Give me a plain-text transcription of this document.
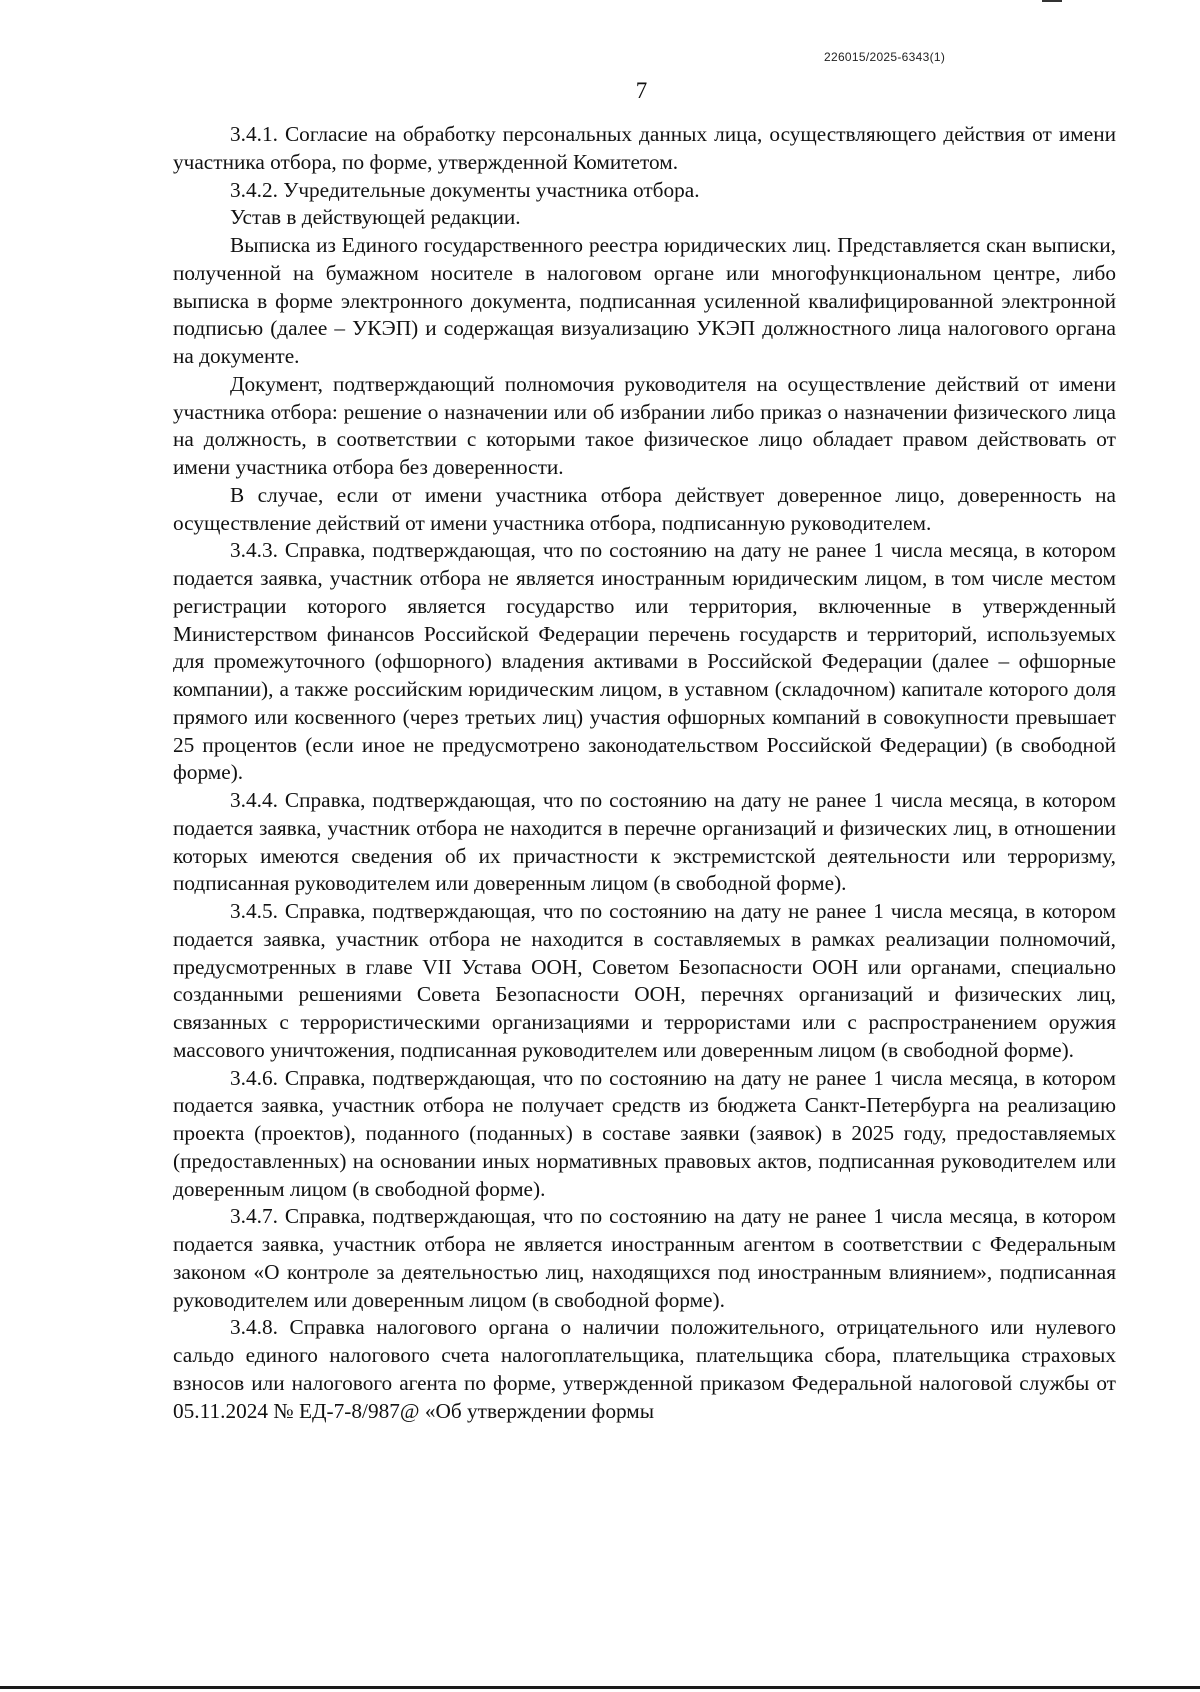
226015/2025-6343(1)
7

3.4.1. Согласие на обработку персональных данных лица, осуществляющего действия от имени участника отбора, по форме, утвержденной Комитетом.

3.4.2. Учредительные документы участника отбора.

Устав в действующей редакции.

Выписка из Единого государственного реестра юридических лиц. Представляется скан выписки, полученной на бумажном носителе в налоговом органе или многофункциональном центре, либо выписка в форме электронного документа, подписанная усиленной квалифицированной электронной подписью (далее – УКЭП) и содержащая визуализацию УКЭП должностного лица налогового органа на документе.

Документ, подтверждающий полномочия руководителя на осуществление действий от имени участника отбора: решение о назначении или об избрании либо приказ о назначении физического лица на должность, в соответствии с которыми такое физическое лицо обладает правом действовать от имени участника отбора без доверенности.

В случае, если от имени участника отбора действует доверенное лицо, доверенность на осуществление действий от имени участника отбора, подписанную руководителем.

3.4.3. Справка, подтверждающая, что по состоянию на дату не ранее 1 числа месяца, в котором подается заявка, участник отбора не является иностранным юридическим лицом, в том числе местом регистрации которого является государство или территория, включенные в утвержденный Министерством финансов Российской Федерации перечень государств и территорий, используемых для промежуточного (офшорного) владения активами в Российской Федерации (далее – офшорные компании), а также российским юридическим лицом, в уставном (складочном) капитале которого доля прямого или косвенного (через третьих лиц) участия офшорных компаний в совокупности превышает 25 процентов (если иное не предусмотрено законодательством Российской Федерации) (в свободной форме).

3.4.4. Справка, подтверждающая, что по состоянию на дату не ранее 1 числа месяца, в котором подается заявка, участник отбора не находится в перечне организаций и физических лиц, в отношении которых имеются сведения об их причастности к экстремистской деятельности или терроризму, подписанная руководителем или доверенным лицом (в свободной форме).

3.4.5. Справка, подтверждающая, что по состоянию на дату не ранее 1 числа месяца, в котором подается заявка, участник отбора не находится в составляемых в рамках реализации полномочий, предусмотренных в главе VII Устава ООН, Советом Безопасности ООН или органами, специально созданными решениями Совета Безопасности ООН, перечнях организаций и физических лиц, связанных с террористическими организациями и террористами или с распространением оружия массового уничтожения, подписанная руководителем или доверенным лицом (в свободной форме).

3.4.6. Справка, подтверждающая, что по состоянию на дату не ранее 1 числа месяца, в котором подается заявка, участник отбора не получает средств из бюджета Санкт-Петербурга на реализацию проекта (проектов), поданного (поданных) в составе заявки (заявок) в 2025 году, предоставляемых (предоставленных) на основании иных нормативных правовых актов, подписанная руководителем или доверенным лицом (в свободной форме).

3.4.7. Справка, подтверждающая, что по состоянию на дату не ранее 1 числа месяца, в котором подается заявка, участник отбора не является иностранным агентом в соответствии с Федеральным законом «О контроле за деятельностью лиц, находящихся под иностранным влиянием», подписанная руководителем или доверенным лицом (в свободной форме).

3.4.8. Справка налогового органа о наличии положительного, отрицательного или нулевого сальдо единого налогового счета налогоплательщика, плательщика сбора, плательщика страховых взносов или налогового агента по форме, утвержденной приказом Федеральной налоговой службы от 05.11.2024 № ЕД-7-8/987@ «Об утверждении формы
